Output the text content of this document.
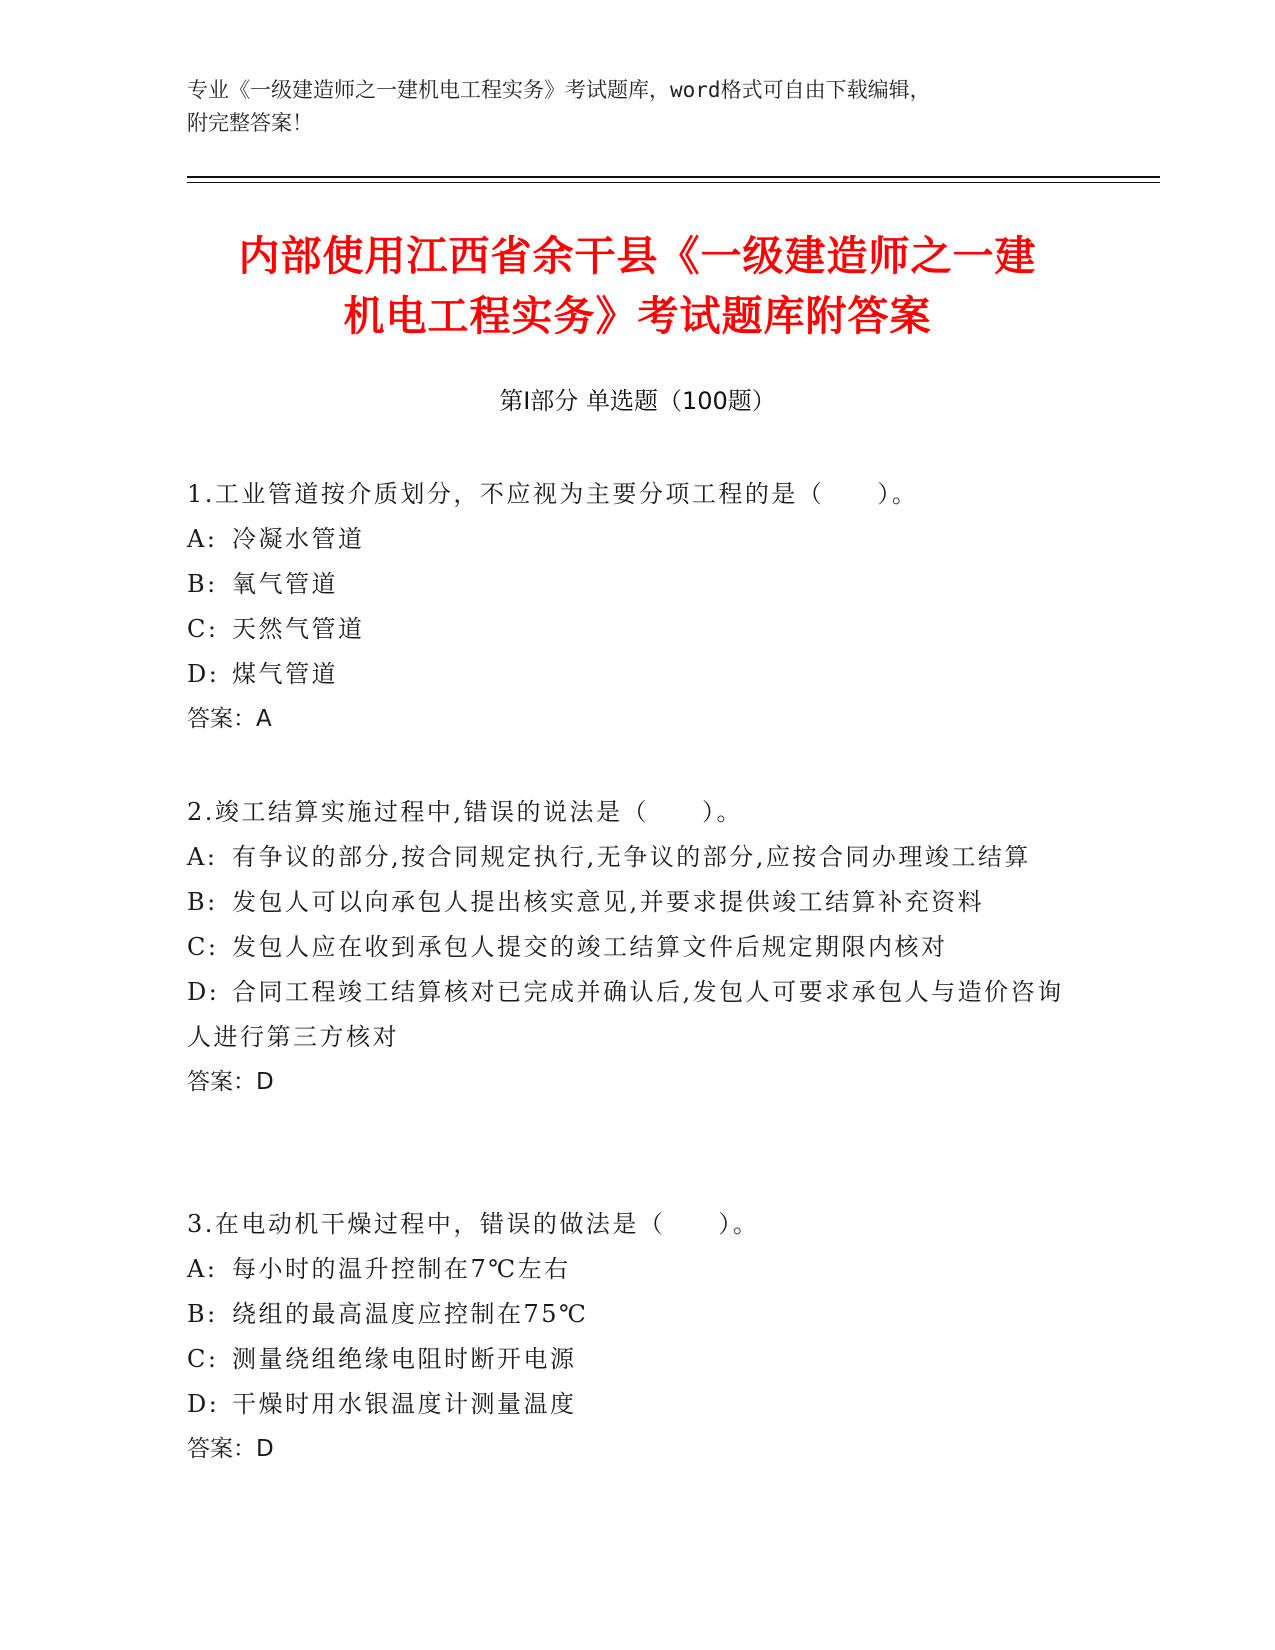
专业《一级建造师之一建机电工程实务》考试题库，word格式可自由下载编辑，
附完整答案！
内部使用江西省余干县《一级建造师之一建
机电工程实务》考试题库附答案
第Ⅰ部分 单选题（100题）

1.工业管道按介质划分，不应视为主要分项工程的是（　　）。

A: 冷凝水管道

B: 氧气管道

C: 天然气管道

D: 煤气管道

答案：A

2.竣工结算实施过程中,错误的说法是（　　）。

A: 有争议的部分,按合同规定执行,无争议的部分,应按合同办理竣工结算

B: 发包人可以向承包人提出核实意见,并要求提供竣工结算补充资料

C: 发包人应在收到承包人提交的竣工结算文件后规定期限内核对

D: 合同工程竣工结算核对已完成并确认后,发包人可要求承包人与造价咨询人进行第三方核对

答案：D

3.在电动机干燥过程中，错误的做法是（　　）。

A: 每小时的温升控制在7℃左右

B: 绕组的最高温度应控制在75℃

C: 测量绕组绝缘电阻时断开电源

D: 干燥时用水银温度计测量温度

答案：D
